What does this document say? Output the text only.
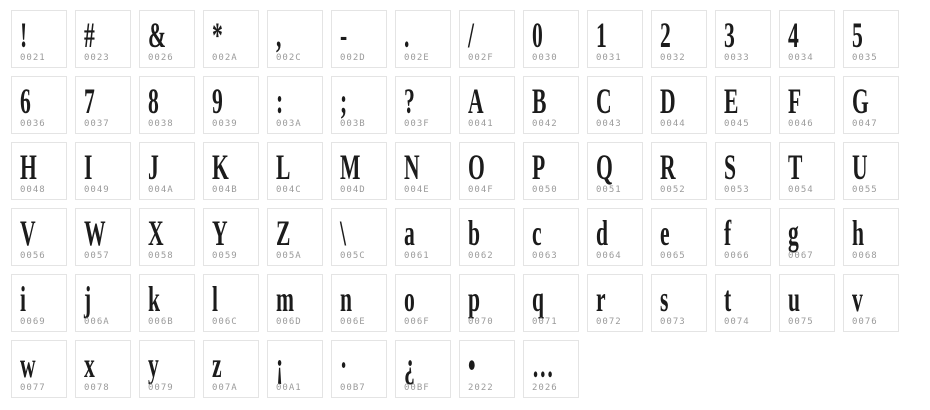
!
0021
#
0023
&
0026
*
002A
,
002C
-
002D
.
002E
/
002F
0
0030
1
0031
2
0032
3
0033
4
0034
5
0035
6
0036
7
0037
8
0038
9
0039
:
003A
;
003B
?
003F
A
0041
B
0042
C
0043
D
0044
E
0045
F
0046
G
0047
H
0048
I
0049
J
004A
K
004B
L
004C
M
004D
N
004E
O
004F
P
0050
Q
0051
R
0052
S
0053
T
0054
U
0055
V
0056
W
0057
X
0058
Y
0059
Z
005A
\
005C
a
0061
b
0062
c
0063
d
0064
e
0065
f
0066
g
0067
h
0068
i
0069
j
006A
k
006B
l
006C
m
006D
n
006E
o
006F
p
0070
q
0071
r
0072
s
0073
t
0074
u
0075
v
0076
w
0077
x
0078
y
0079
z
007A
¡
00A1
·
00B7
¿
00BF
•
2022
…
2026
